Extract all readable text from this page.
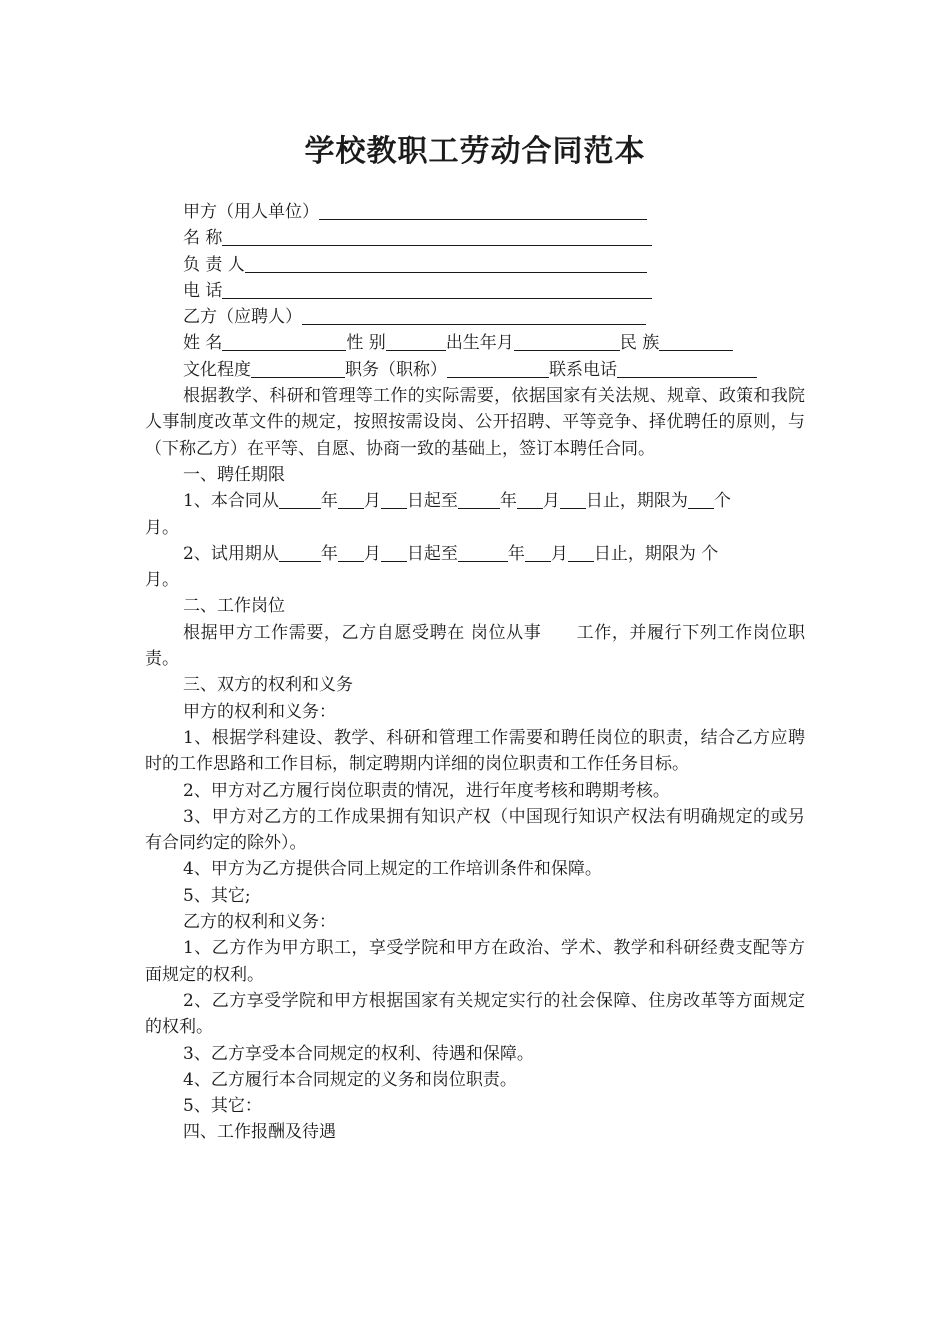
学校教职工劳动合同范本
甲方（用人单位）
名 称
负 责 人
电 话
乙方（应聘人）
姓 名	性 别	出生年月	民 族
文化程度	职务（职称）	联系电话
根据教学、科研和管理等工作的实际需要，依据国家有关法规、规章、政策和我院人事制度改革文件的规定，按照按需设岗、公开招聘、平等竞争、择优聘任的原则，与（下称乙方）在平等、自愿、协商一致的基础上，签订本聘任合同。
一、聘任期限
1、本合同从 年 月 日起至 年 月 日止，期限为 个
月。
2、试用期从 年 月 日起至	年 月 日止，期限为 个
月。
二、工作岗位
根据甲方工作需要，乙方自愿受聘在 岗位从事　　工作，并履行下列工作岗位职责。
三、双方的权利和义务
甲方的权利和义务：
1、根据学科建设、教学、科研和管理工作需要和聘任岗位的职责，结合乙方应聘时的工作思路和工作目标，制定聘期内详细的岗位职责和工作任务目标。
2、甲方对乙方履行岗位职责的情况，进行年度考核和聘期考核。
3、甲方对乙方的工作成果拥有知识产权（中国现行知识产权法有明确规定的或另有合同约定的除外）。
4、甲方为乙方提供合同上规定的工作培训条件和保障。
5、其它;
乙方的权利和义务：
1、乙方作为甲方职工，享受学院和甲方在政治、学术、教学和科研经费支配等方面规定的权利。
2、乙方享受学院和甲方根据国家有关规定实行的社会保障、住房改革等方面规定的权利。
3、乙方享受本合同规定的权利、待遇和保障。
4、乙方履行本合同规定的义务和岗位职责。
5、其它：
四、工作报酬及待遇
